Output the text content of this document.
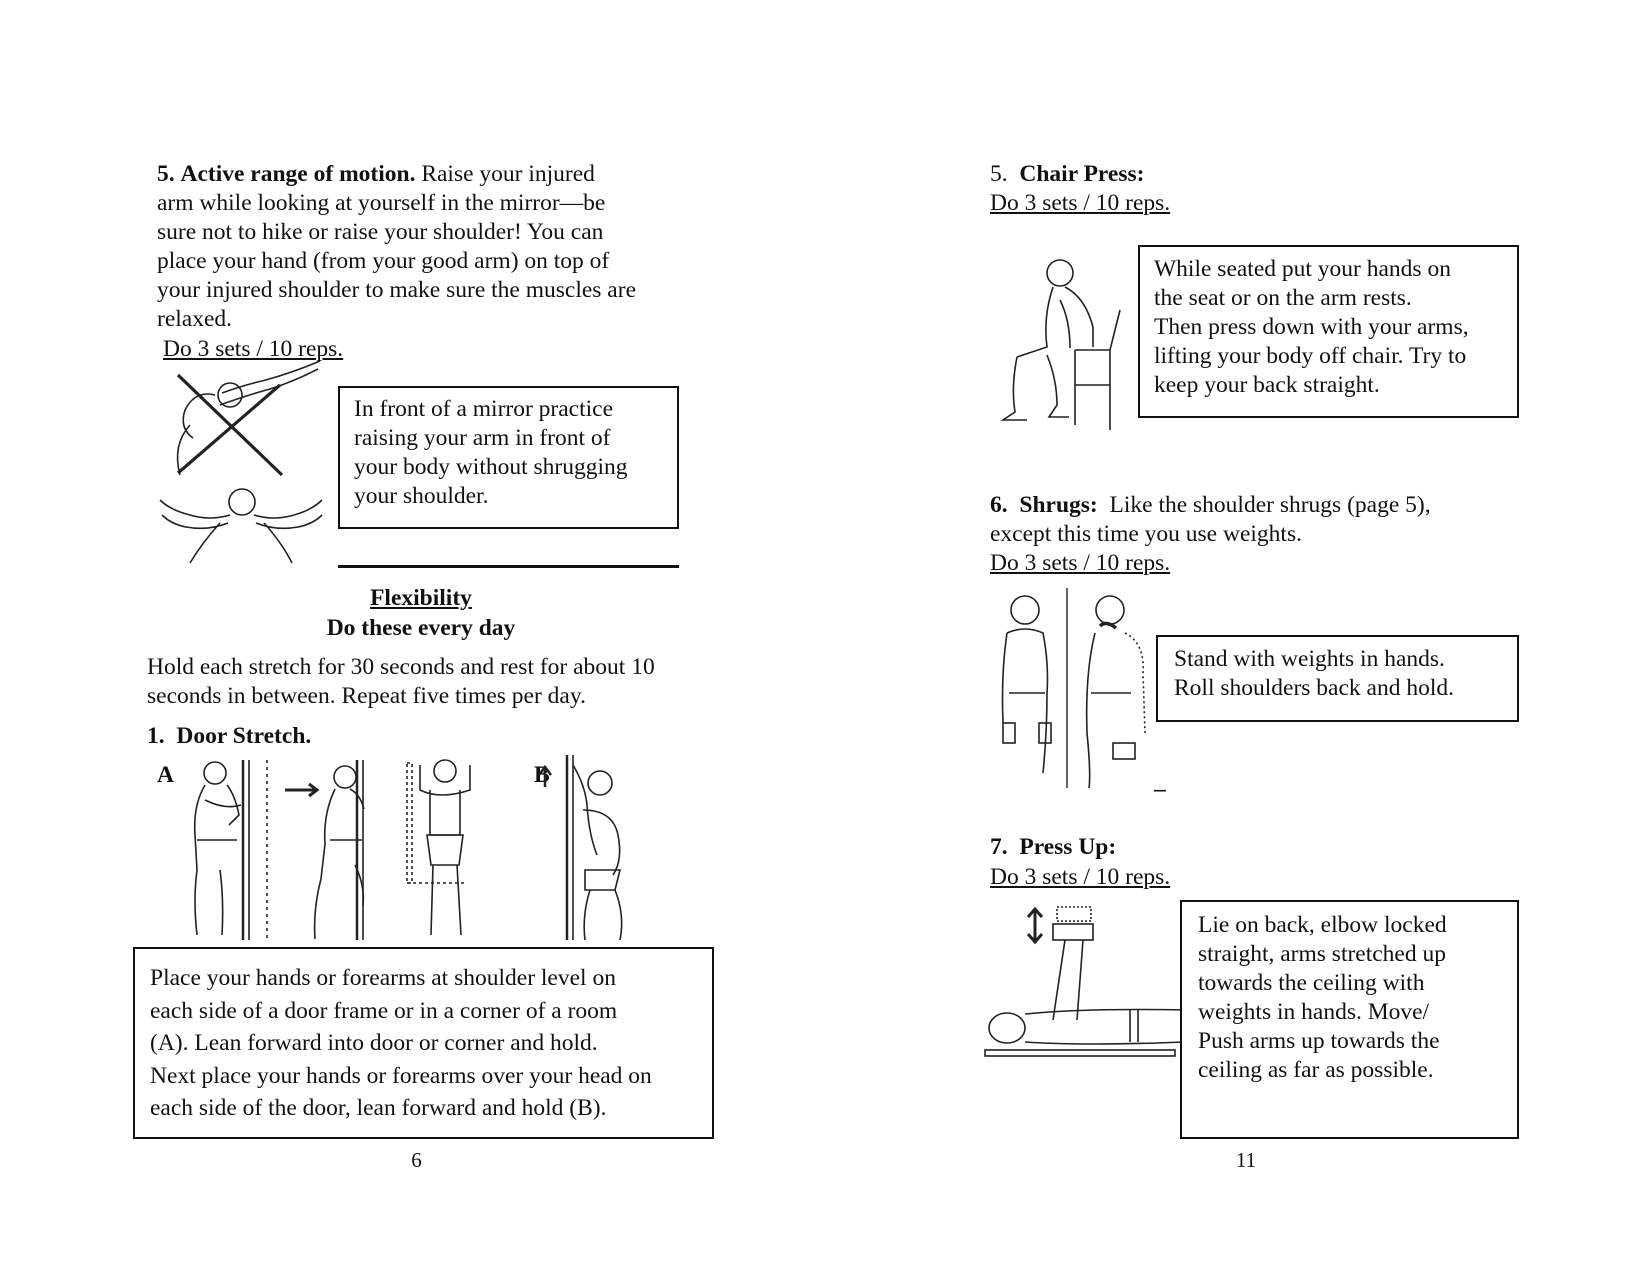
5. Active range of motion. Raise your injured
arm while looking at yourself in the mirror—be
sure not to hike or raise your shoulder! You can
place your hand (from your good arm) on top of
your injured shoulder to make sure the muscles are
relaxed.
Do 3 sets / 10 reps.

In front of a mirror practice

raising your arm in front of

your body without shrugging

your shoulder.

Flexibility
Do these every day
Hold each stretch for 30 seconds and rest for about 10
seconds in between. Repeat five times per day.
1. Door Stretch.
A	B

Place your hands or forearms at shoulder level on

each side of a door frame or in a corner of a room

(A). Lean forward into door or corner and hold.

Next place your hands or forearms over your head on

each side of the door, lean forward and hold (B).

6
5. Chair Press:
Do 3 sets / 10 reps.

While seated put your hands on

the seat or on the arm rests.

Then press down with your arms,

lifting your body off chair. Try to

keep your back straight.

6. Shrugs: Like the shoulder shrugs (page 5),
except this time you use weights.
Do 3 sets / 10 reps.

Stand with weights in hands.

Roll shoulders back and hold.

–
7. Press Up:
Do 3 sets / 10 reps.

Lie on back, elbow locked

straight, arms stretched up

towards the ceiling with

weights in hands. Move/

Push arms up towards the

ceiling as far as possible.

11
